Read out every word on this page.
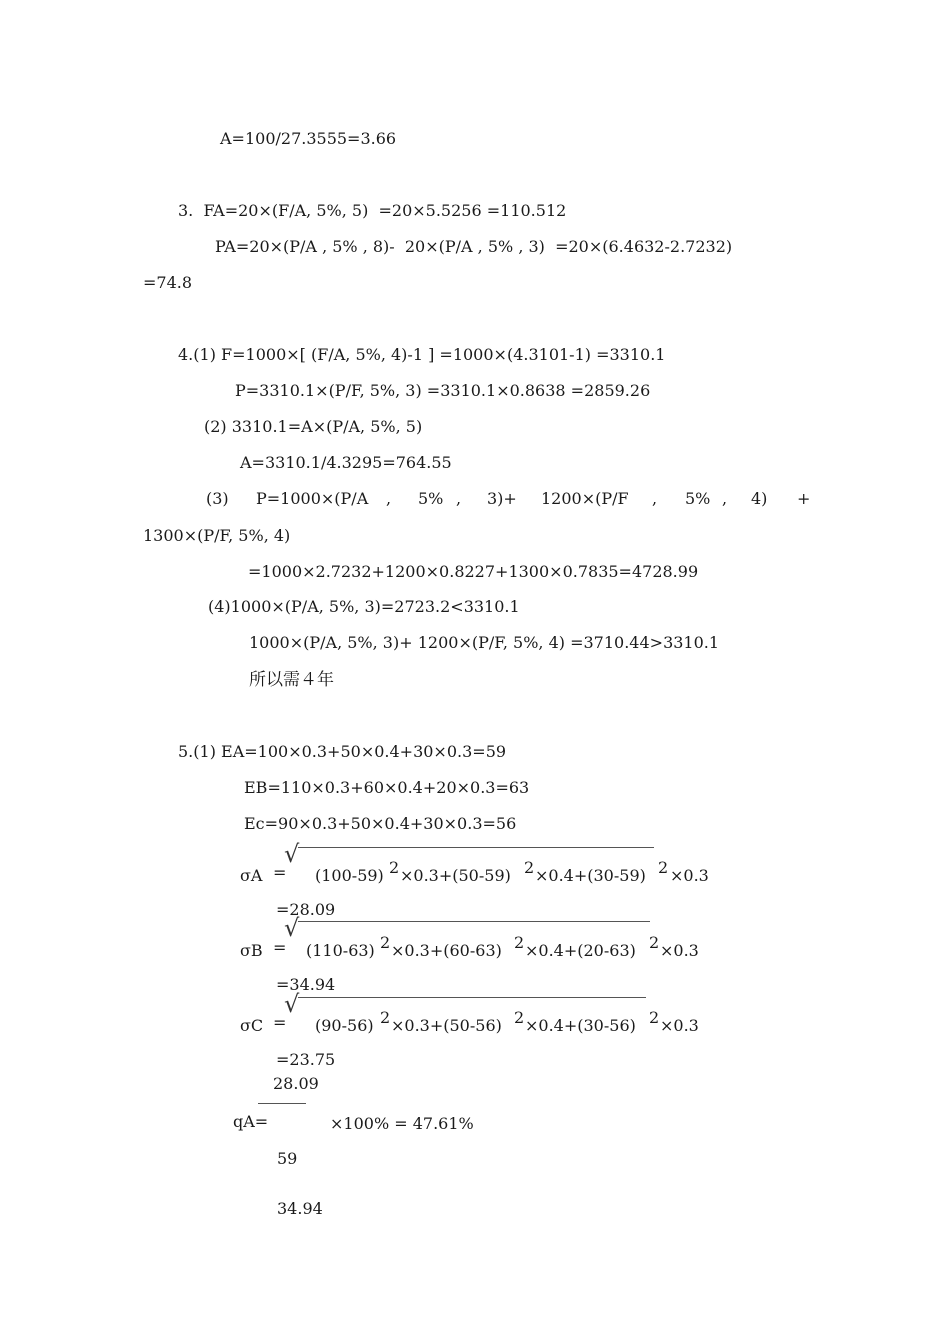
A=100/27.3555=3.66
3.  FA=20×(F/A, 5%, 5)  =20×5.5256 =110.512
PA=20×(P/A , 5% , 8)-  20×(P/A , 5% , 3)  =20×(6.4632-2.7232)
=74.8
4.(1) F=1000×[ (F/A, 5%, 4)-1 ] =1000×(4.3101-1) =3310.1
P=3310.1×(P/F, 5%, 3) =3310.1×0.8638 =2859.26
(2) 3310.1=A×(P/A, 5%, 5)
A=3310.1/4.3295=764.55
(3) P=1000×(P/A , 5% , 3)+ 1200×(P/F , 5% , 4) +
1300×(P/F, 5%, 4)
=1000×2.7232+1200×0.8227+1300×0.7835=4728.99
(4)1000×(P/A, 5%, 3)=2723.2<3310.1
1000×(P/A, 5%, 3)+ 1200×(P/F, 5%, 4) =3710.44>3310.1
所以需４年
5.(1) EA=100×0.3+50×0.4+30×0.3=59
EB=110×0.3+60×0.4+20×0.3=63
Ec=90×0.3+50×0.4+30×0.3=56
σA =
√
(100-59) 2 ×0.3+(50-59) 2 ×0.4+(30-59) 2 ×0.3
=28.09
σB =
√
(110-63) 2 ×0.3+(60-63) 2 ×0.4+(20-63) 2 ×0.3
=34.94
σC =
√
(90-56) 2 ×0.3+(50-56) 2 ×0.4+(30-56) 2 ×0.3
=23.75
28.09
qA=	×100% = 47.61%
59
34.94
